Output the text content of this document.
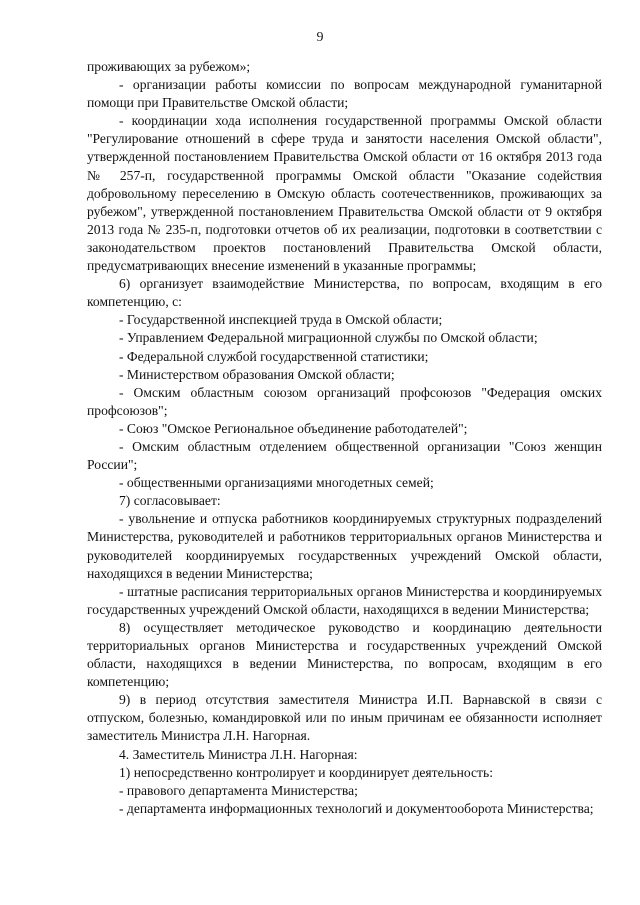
9

проживающих за рубежом»;

- организации работы комиссии по вопросам международной гуманитарной помощи при Правительстве Омской области;

- координации хода исполнения государственной программы Омской области "Регулирование отношений в сфере труда и занятости населения Омской области", утвержденной постановлением Правительства Омской области от 16 октября 2013 года № 257-п, государственной программы Омской области "Оказание содействия добровольному переселению в Омскую область соотечественников, проживающих за рубежом", утвержденной постановлением Правительства Омской области от 9 октября 2013 года № 235-п, подготовки отчетов об их реализации, подготовки в соответствии с законодательством проектов постановлений Правительства Омской области, предусматривающих внесение изменений в указанные программы;

6) организует взаимодействие Министерства, по вопросам, входящим в его компетенцию, с:

- Государственной инспекцией труда в Омской области;

- Управлением Федеральной миграционной службы по Омской области;

- Федеральной службой государственной статистики;

- Министерством образования Омской области;

- Омским областным союзом организаций профсоюзов "Федерация омских профсоюзов";

- Союз "Омское Региональное объединение работодателей";

- Омским областным отделением общественной организации "Союз женщин России";

- общественными организациями многодетных семей;

7) согласовывает:

- увольнение и отпуска работников координируемых структурных подразделений Министерства, руководителей и работников территориальных органов Министерства и руководителей координируемых государственных учреждений Омской области, находящихся в ведении Министерства;

- штатные расписания территориальных органов Министерства и координируемых государственных учреждений Омской области, находящихся в ведении Министерства;

8) осуществляет методическое руководство и координацию деятельности территориальных органов Министерства и государственных учреждений Омской области, находящихся в ведении Министерства, по вопросам, входящим в его компетенцию;

9) в период отсутствия заместителя Министра И.П. Варнавской в связи с отпуском, болезнью, командировкой или по иным причинам ее обязанности исполняет заместитель Министра Л.Н. Нагорная.

4. Заместитель Министра Л.Н. Нагорная:

1) непосредственно контролирует и координирует деятельность:

- правового департамента Министерства;

- департамента информационных технологий и документооборота Министерства;
